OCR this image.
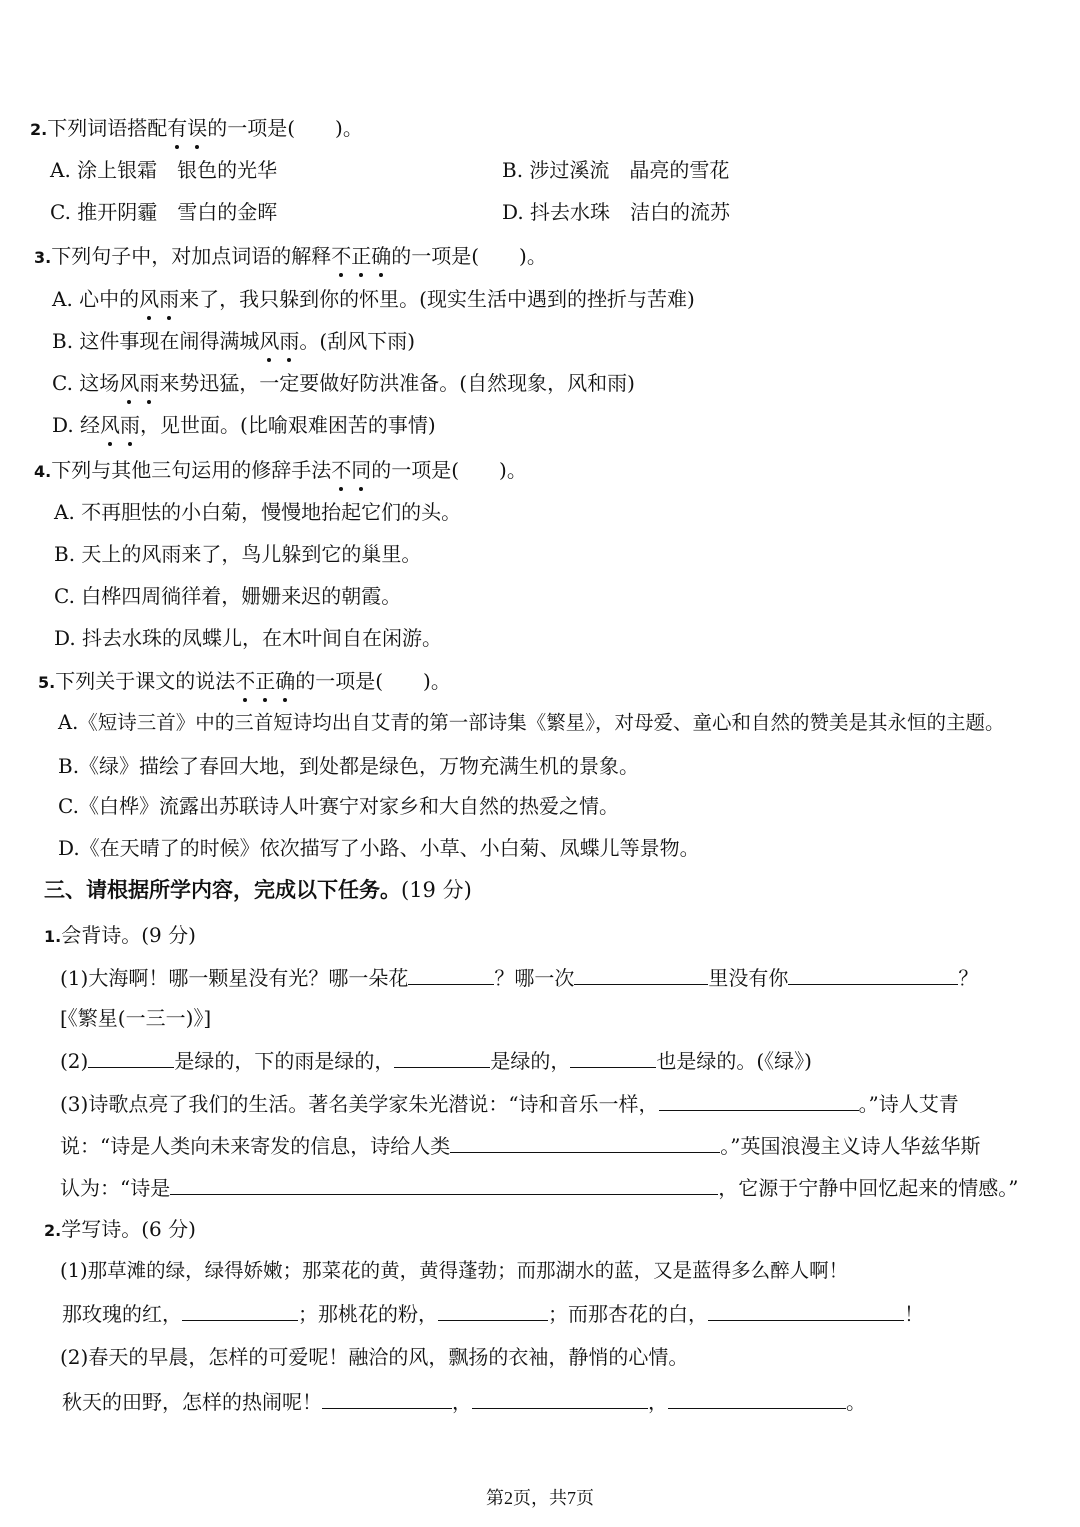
2.下列词语搭配有误的一项是(　　)。
A. 涂上银霜　银色的光华	B. 涉过溪流　晶亮的雪花
C. 推开阴霾　雪白的金晖	D. 抖去水珠　洁白的流苏
3.下列句子中，对加点词语的解释不正确的一项是(　　)。
A. 心中的风雨来了，我只躲到你的怀里。(现实生活中遇到的挫折与苦难)
B. 这件事现在闹得满城风雨。(刮风下雨)
C. 这场风雨来势迅猛，一定要做好防洪准备。(自然现象，风和雨)
D. 经风雨，见世面。(比喻艰难困苦的事情)
4.下列与其他三句运用的修辞手法不同的一项是(　　)。
A. 不再胆怯的小白菊，慢慢地抬起它们的头。
B. 天上的风雨来了，鸟儿躲到它的巢里。
C. 白桦四周徜徉着，姗姗来迟的朝霞。
D. 抖去水珠的凤蝶儿，在木叶间自在闲游。
5.下列关于课文的说法不正确的一项是(　　)。
A.《短诗三首》中的三首短诗均出自艾青的第一部诗集《繁星》，对母爱、童心和自然的赞美是其永恒的主题。
B.《绿》描绘了春回大地，到处都是绿色，万物充满生机的景象。
C.《白桦》流露出苏联诗人叶赛宁对家乡和大自然的热爱之情。
D.《在天晴了的时候》依次描写了小路、小草、小白菊、凤蝶儿等景物。
三、请根据所学内容，完成以下任务。(19 分)
1.会背诗。(9 分)
(1)大海啊！哪一颗星没有光？哪一朵花	？哪一次	里没有你	？
[《繁星(一三一)》]
(2)	是绿的，下的雨是绿的，	是绿的，	也是绿的。(《绿》)
(3)诗歌点亮了我们的生活。著名美学家朱光潜说：“诗和音乐一样，	。”诗人艾青
说：“诗是人类向未来寄发的信息，诗给人类	。”英国浪漫主义诗人华兹华斯
认为：“诗是	，它源于宁静中回忆起来的情感。”
2.学写诗。(6 分)
(1)那草滩的绿，绿得娇嫩；那菜花的黄，黄得蓬勃；而那湖水的蓝，又是蓝得多么醉人啊！
那玫瑰的红，	；那桃花的粉，	；而那杏花的白，	！
(2)春天的早晨，怎样的可爱呢！融洽的风，飘扬的衣袖，静悄的心情。
秋天的田野，怎样的热闹呢！	，	，	。
第2页，共7页
